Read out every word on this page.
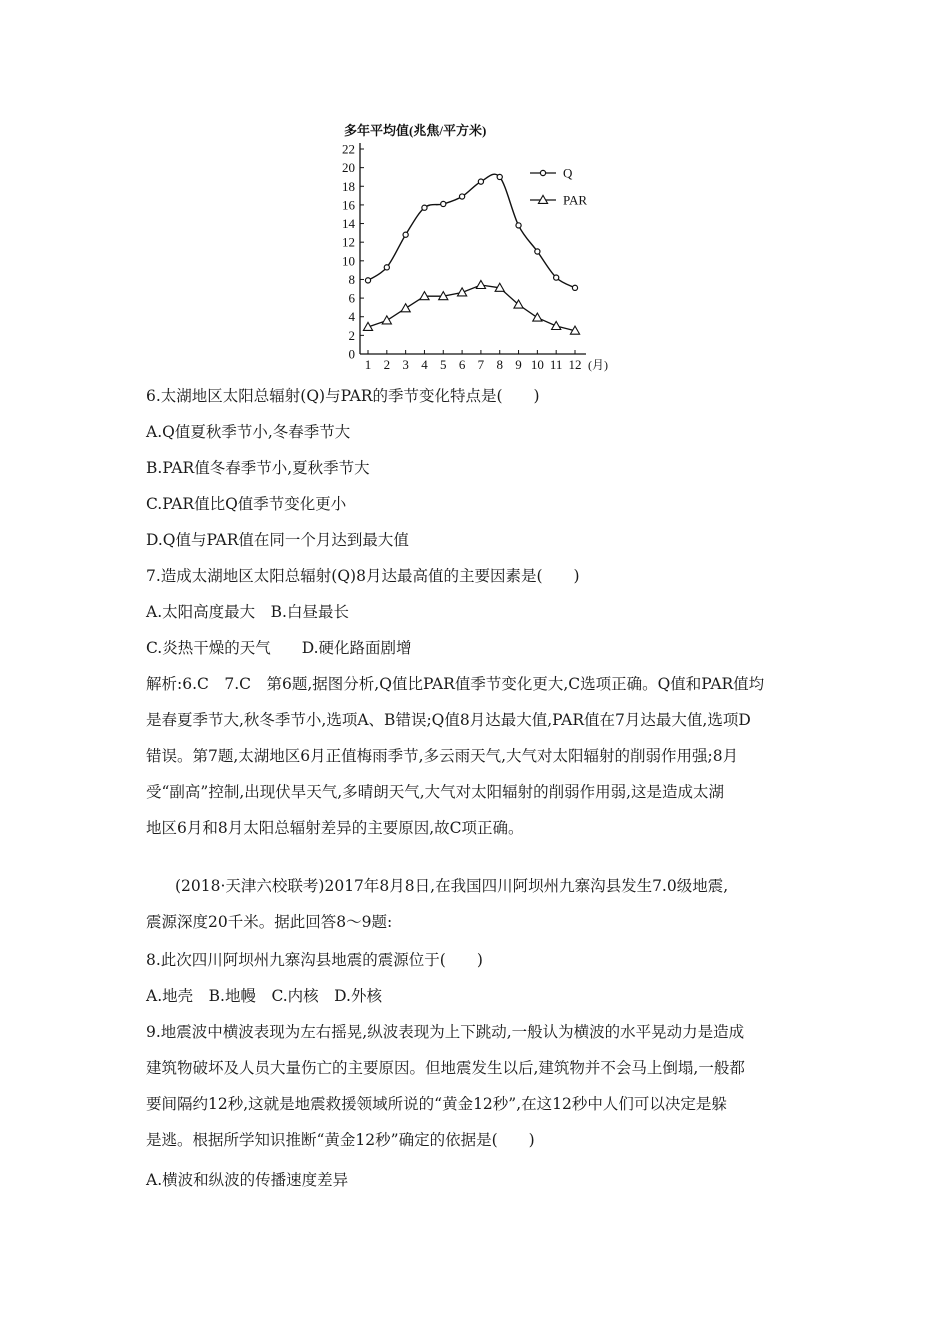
多年平均值(兆焦/平方米)
0
2
4
6
8
10
12
14
16
18
20
22
1 2 3 4 5 6 7 8 9 10 11 12 (月)
Q
PAR
6.太湖地区太阳总辐射(Q)与PAR的季节变化特点是(　　)
A.Q值夏秋季节小,冬春季节大
B.PAR值冬春季节小,夏秋季节大
C.PAR值比Q值季节变化更小
D.Q值与PAR值在同一个月达到最大值
7.造成太湖地区太阳总辐射(Q)8月达最高值的主要因素是(　　)
A.太阳高度最大　B.白昼最长
C.炎热干燥的天气　　D.硬化路面剧增
解析:6.C　7.C　第6题,据图分析,Q值比PAR值季节变化更大,C选项正确。Q值和PAR值均
是春夏季节大,秋冬季节小,选项A、B错误;Q值8月达最大值,PAR值在7月达最大值,选项D
错误。第7题,太湖地区6月正值梅雨季节,多云雨天气,大气对太阳辐射的削弱作用强;8月
受“副高”控制,出现伏旱天气,多晴朗天气,大气对太阳辐射的削弱作用弱,这是造成太湖
地区6月和8月太阳总辐射差异的主要原因,故C项正确。
(2018·天津六校联考)2017年8月8日,在我国四川阿坝州九寨沟县发生7.0级地震,
震源深度20千米。据此回答8～9题:
8.此次四川阿坝州九寨沟县地震的震源位于(　　)
A.地壳　B.地幔　C.内核　D.外核
9.地震波中横波表现为左右摇晃,纵波表现为上下跳动,一般认为横波的水平晃动力是造成
建筑物破坏及人员大量伤亡的主要原因。但地震发生以后,建筑物并不会马上倒塌,一般都
要间隔约12秒,这就是地震救援领域所说的“黄金12秒”,在这12秒中人们可以决定是躲
是逃。根据所学知识推断“黄金12秒”确定的依据是(　　)
A.横波和纵波的传播速度差异
